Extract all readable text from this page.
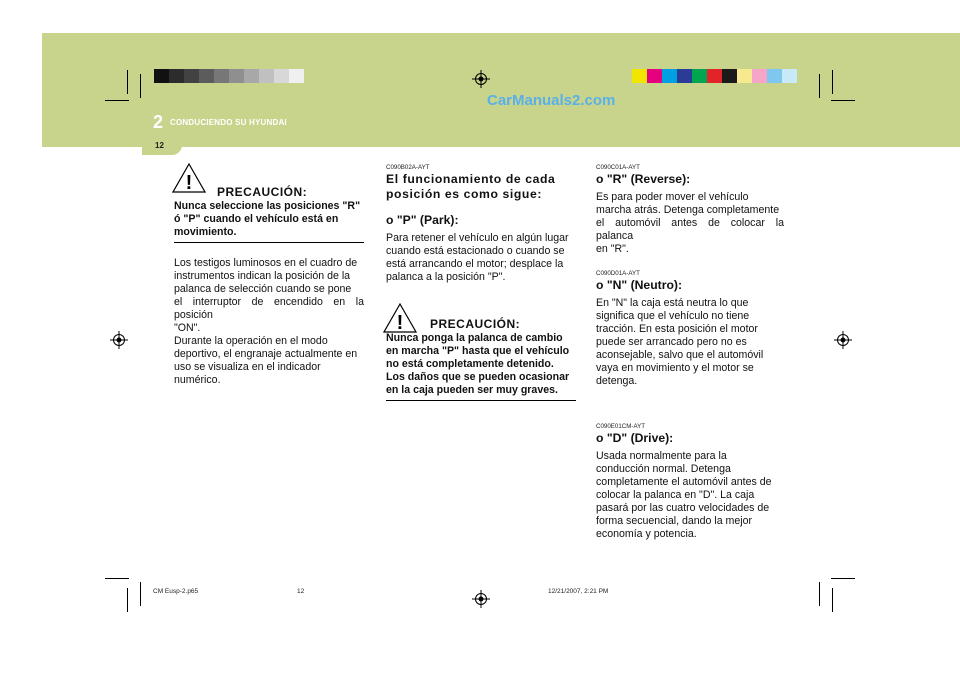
CarManuals2.com
2 CONDUCIENDO SU HYUNDAI
12
! PRECAUCIÓN:
Nunca seleccione las posiciones "R"
ó "P" cuando el vehículo está en
movimiento.
Los testigos luminosos en el cuadro de
instrumentos indican la posición de la
palanca de selección cuando se pone
el interruptor de encendido en la posición
"ON".
Durante la operación en el modo
deportivo, el engranaje actualmente en
uso se visualiza en el indicador
numérico.
C090B02A-AYT
El funcionamiento de cada
posición es como sigue:
o "P" (Park):
Para retener el vehículo en algún lugar
cuando está estacionado o cuando se
está arrancando el motor; desplace la
palanca a la posición "P".
! PRECAUCIÓN:
Nunca ponga la palanca de cambio
en marcha "P" hasta que el vehículo
no está completamente detenido.
Los daños que se pueden ocasionar
en la caja pueden ser muy graves.
C090C01A-AYT
o "R" (Reverse):
Es para poder mover el vehículo
marcha atrás. Detenga completamente
el automóvil antes de colocar la palanca
en "R".
C090D01A-AYT
o "N" (Neutro):
En "N" la caja está neutra lo que
significa que el vehículo no tiene
tracción. En esta posición el motor
puede ser arrancado pero no es
aconsejable, salvo que el automóvil
vaya en movimiento y el motor se
detenga.
C090E01CM-AYT
o "D" (Drive):
Usada normalmente para la
conducción normal. Detenga
completamente el automóvil antes de
colocar la palanca en "D". La caja
pasará por las cuatro velocidades de
forma secuencial, dando la mejor
economía y potencia.
CM Eusp-2.p65	12	12/21/2007, 2:21 PM
